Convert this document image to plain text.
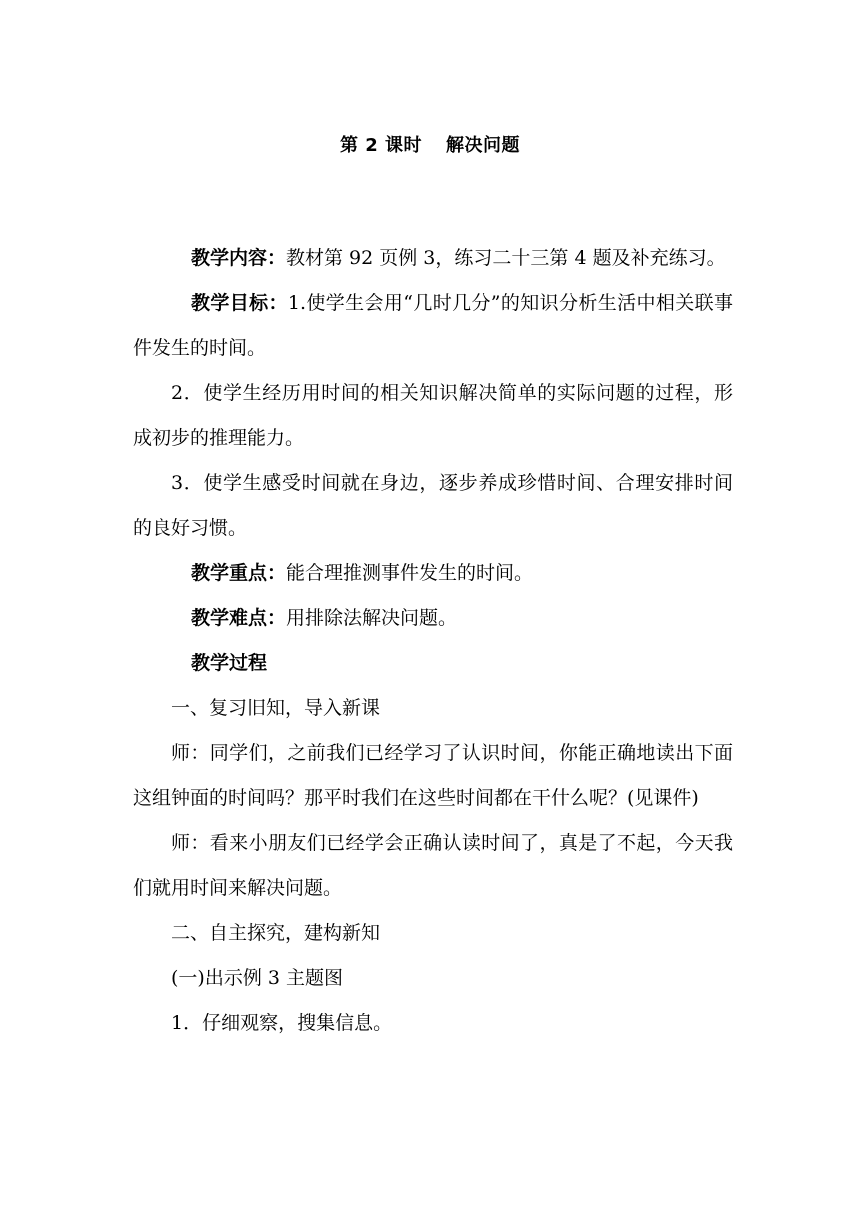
第 2 课时 解决问题

教学内容：教材第 92 页例 3，练习二十三第 4 题及补充练习。

教学目标：1.使学生会用“几时几分”的知识分析生活中相关联事件发生的时间。

2．使学生经历用时间的相关知识解决简单的实际问题的过程，形成初步的推理能力。

3．使学生感受时间就在身边，逐步养成珍惜时间、合理安排时间的良好习惯。

教学重点：能合理推测事件发生的时间。

教学难点：用排除法解决问题。

教学过程

一、复习旧知，导入新课

师：同学们，之前我们已经学习了认识时间，你能正确地读出下面这组钟面的时间吗？那平时我们在这些时间都在干什么呢？(见课件)

师：看来小朋友们已经学会正确认读时间了，真是了不起，今天我们就用时间来解决问题。

二、自主探究，建构新知

(一)出示例 3 主题图

1．仔细观察，搜集信息。
